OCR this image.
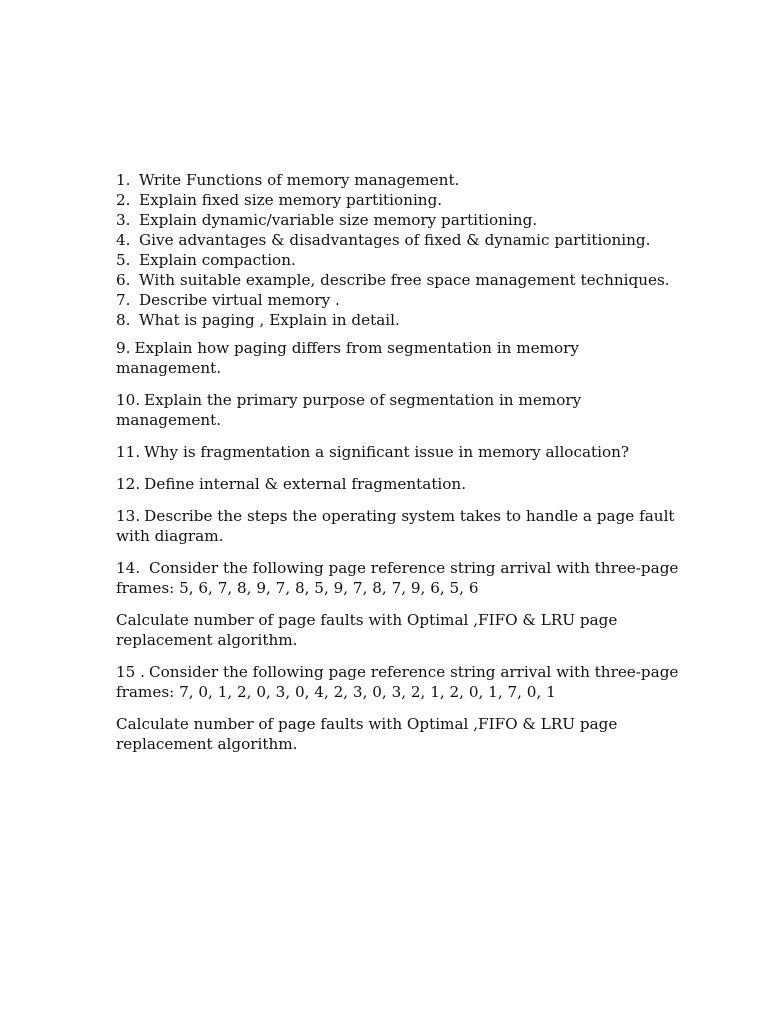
1. Write Functions of memory management.
2. Explain fixed size memory partitioning.
3. Explain dynamic/variable size memory partitioning.
4. Give advantages & disadvantages of fixed & dynamic partitioning.
5. Explain compaction.
6. With suitable example, describe free space management techniques.
7. Describe virtual memory .
8. What is paging , Explain in detail.

9. Explain how paging differs from segmentation in memory management.

10. Explain the primary purpose of segmentation in memory management.

11. Why is fragmentation a significant issue in memory allocation?

12. Define internal & external fragmentation.

13. Describe the steps the operating system takes to handle a page fault with diagram.

14. Consider the following page reference string arrival with three-page frames: 5, 6, 7, 8, 9, 7, 8, 5, 9, 7, 8, 7, 9, 6, 5, 6

Calculate number of page faults with Optimal ,FIFO & LRU page replacement algorithm.

15 . Consider the following page reference string arrival with three-page frames: 7, 0, 1, 2, 0, 3, 0, 4, 2, 3, 0, 3, 2, 1, 2, 0, 1, 7, 0, 1

Calculate number of page faults with Optimal ,FIFO & LRU page replacement algorithm.
